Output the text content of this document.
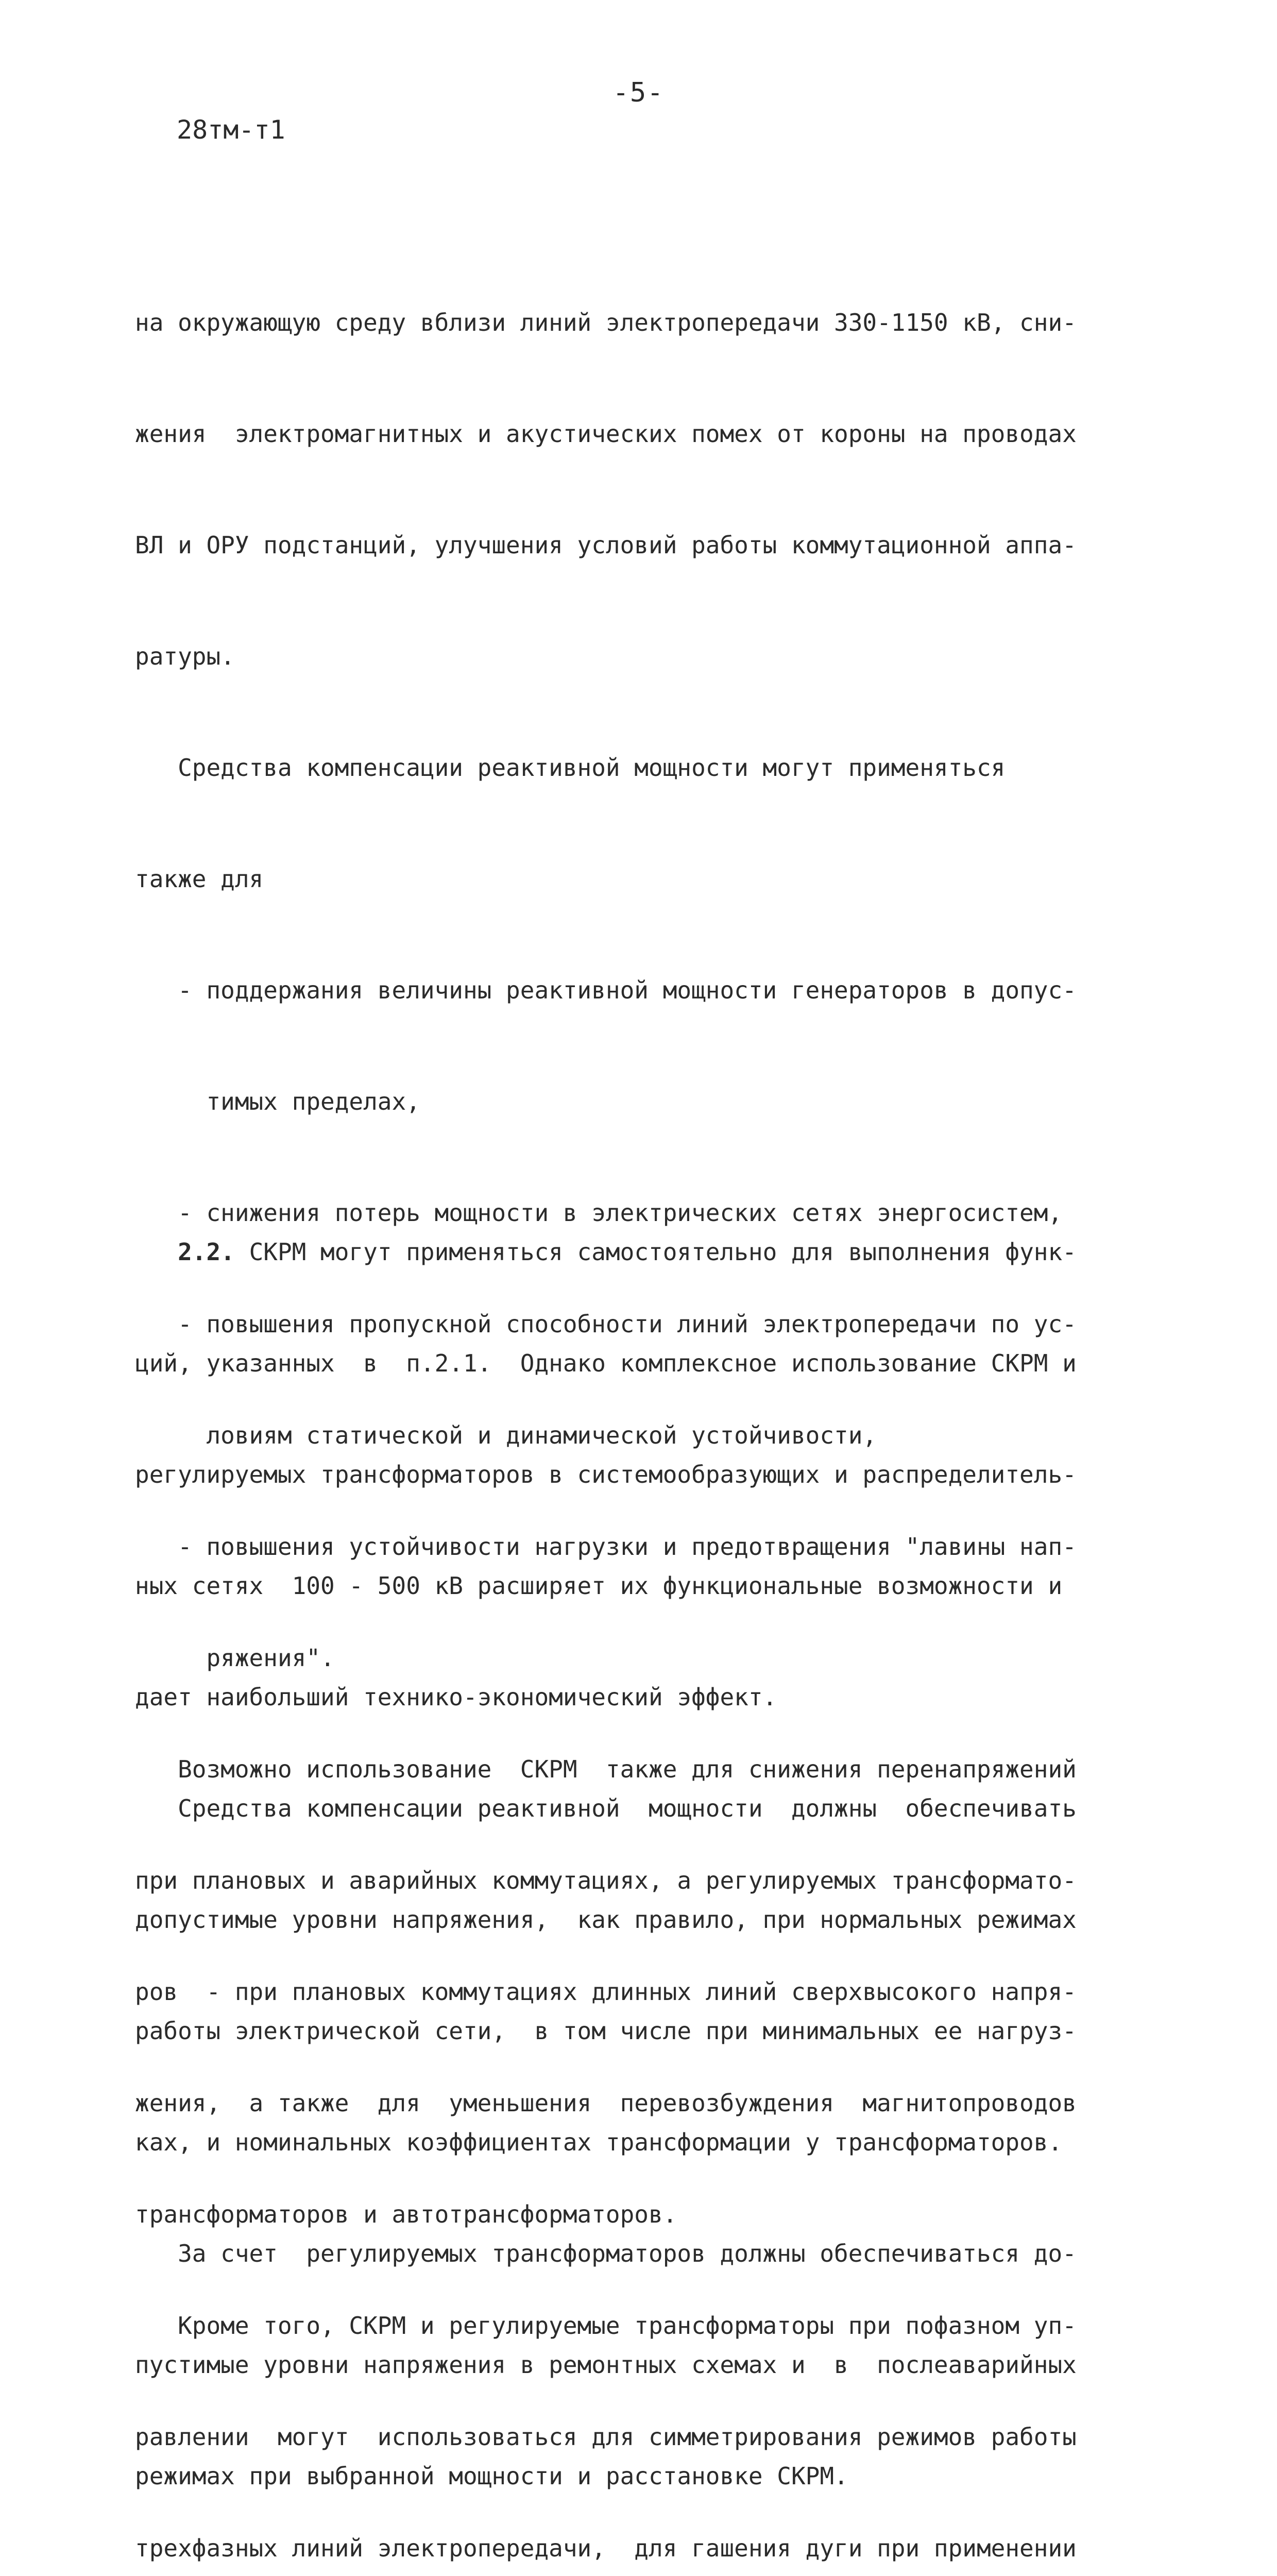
-5-
28тм-т1

на окружающую среду вблизи линий электропередачи 330-1150 кВ, сни-

жения  электромагнитных и акустических помех от короны на проводах

ВЛ и ОРУ подстанций, улучшения условий работы коммутационной аппа-

ратуры.

Средства компенсации реактивной мощности могут применяться

также для

- поддержания величины реактивной мощности генераторов в допус-

тимых пределах,

- снижения потерь мощности в электрических сетях энергосистем,

- повышения пропускной способности линий электропередачи по ус-

ловиям статической и динамической устойчивости,

- повышения устойчивости нагрузки и предотвращения "лавины нап-

ряжения".

Возможно использование  СКРМ  также для снижения перенапряжений

при плановых и аварийных коммутациях, а регулируемых трансформато-

ров  - при плановых коммутациях длинных линий сверхвысокого напря-

жения,  а также  для  уменьшения  перевозбуждения  магнитопроводов

трансформаторов и автотрансформаторов.

Кроме того, СКРМ и регулируемые трансформаторы при пофазном уп-

равлении  могут  использоваться для симметрирования режимов работы

трехфазных линий электропередачи,  для гашения дуги при применении

2.2. СКРМ могут применяться самостоятельно для выполнения функ-

ций, указанных  в  п.2.1.  Однако комплексное использование СКРМ и

регулируемых трансформаторов в системообразующих и распределитель-

ных сетях  100 - 500 кВ расширяет их функциональные возможности и

дает наибольший технико-экономический эффект.

Средства компенсации реактивной  мощности  должны  обеспечивать

допустимые уровни напряжения,  как правило, при нормальных режимах

работы электрической сети,  в том числе при минимальных ее нагруз-

ках, и номинальных коэффициентах трансформации у трансформаторов.

За счет  регулируемых трансформаторов должны обеспечиваться до-

пустимые уровни напряжения в ремонтных схемах и  в  послеаварийных

режимах при выбранной мощности и расстановке СКРМ.
